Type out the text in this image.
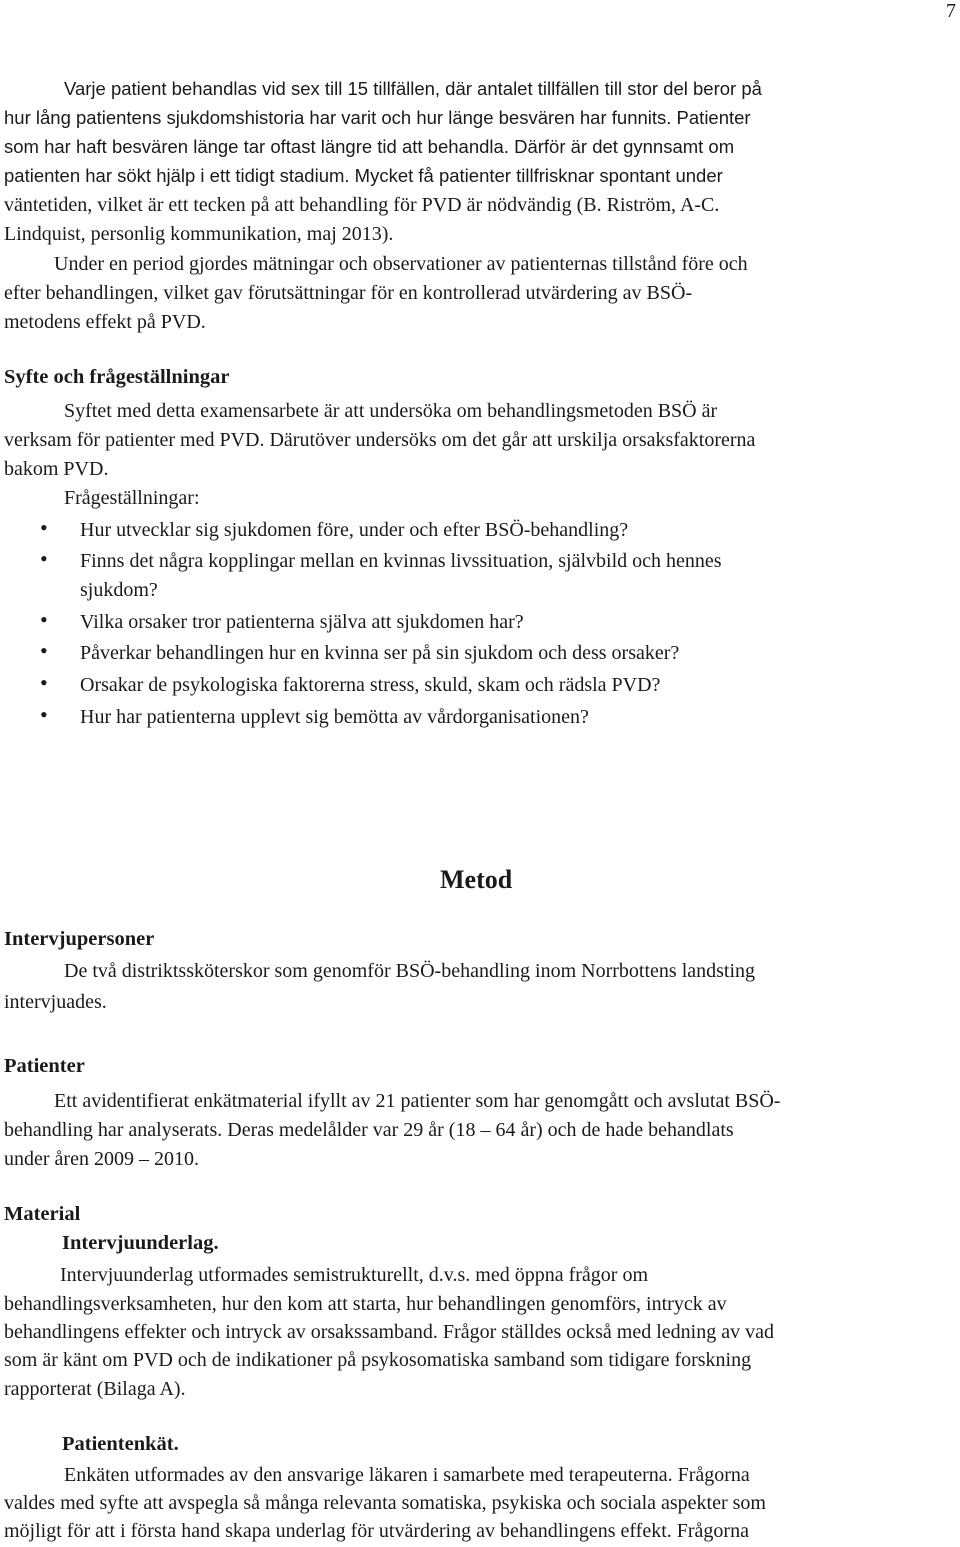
7
Varje patient behandlas vid sex till 15 tillfällen, där antalet tillfällen till stor del beror på
hur lång patientens sjukdomshistoria har varit och hur länge besvären har funnits. Patienter
som har haft besvären länge tar oftast längre tid att behandla. Därför är det gynnsamt om
patienten har sökt hjälp i ett tidigt stadium. Mycket få patienter tillfrisknar spontant under
väntetiden, vilket är ett tecken på att behandling för PVD är nödvändig (B. Riström, A-C.
Lindquist, personlig kommunikation, maj 2013).
Under en period gjordes mätningar och observationer av patienternas tillstånd före och
efter behandlingen, vilket gav förutsättningar för en kontrollerad utvärdering av BSÖ-
metodens effekt på PVD.
Syfte och frågeställningar
Syftet med detta examensarbete är att undersöka om behandlingsmetoden BSÖ är
verksam för patienter med PVD. Därutöver undersöks om det går att urskilja orsaksfaktorerna
bakom PVD.
Frågeställningar:
• Hur utvecklar sig sjukdomen före, under och efter BSÖ-behandling?
• Finns det några kopplingar mellan en kvinnas livssituation, självbild och hennes
sjukdom?
• Vilka orsaker tror patienterna själva att sjukdomen har?
• Påverkar behandlingen hur en kvinna ser på sin sjukdom och dess orsaker?
• Orsakar de psykologiska faktorerna stress, skuld, skam och rädsla PVD?
• Hur har patienterna upplevt sig bemötta av vårdorganisationen?
Metod
Intervjupersoner
De två distriktssköterskor som genomför BSÖ-behandling inom Norrbottens landsting
intervjuades.
Patienter
Ett avidentifierat enkätmaterial ifyllt av 21 patienter som har genomgått och avslutat BSÖ-
behandling har analyserats. Deras medelålder var 29 år (18 – 64 år) och de hade behandlats
under åren 2009 – 2010.
Material
Intervjuunderlag.
Intervjuunderlag utformades semistrukturellt, d.v.s. med öppna frågor om
behandlingsverksamheten, hur den kom att starta, hur behandlingen genomförs, intryck av
behandlingens effekter och intryck av orsakssamband. Frågor ställdes också med ledning av vad
som är känt om PVD och de indikationer på psykosomatiska samband som tidigare forskning
rapporterat (Bilaga A).
Patientenkät.
Enkäten utformades av den ansvarige läkaren i samarbete med terapeuterna. Frågorna
valdes med syfte att avspegla så många relevanta somatiska, psykiska och sociala aspekter som
möjligt för att i första hand skapa underlag för utvärdering av behandlingens effekt. Frågorna
